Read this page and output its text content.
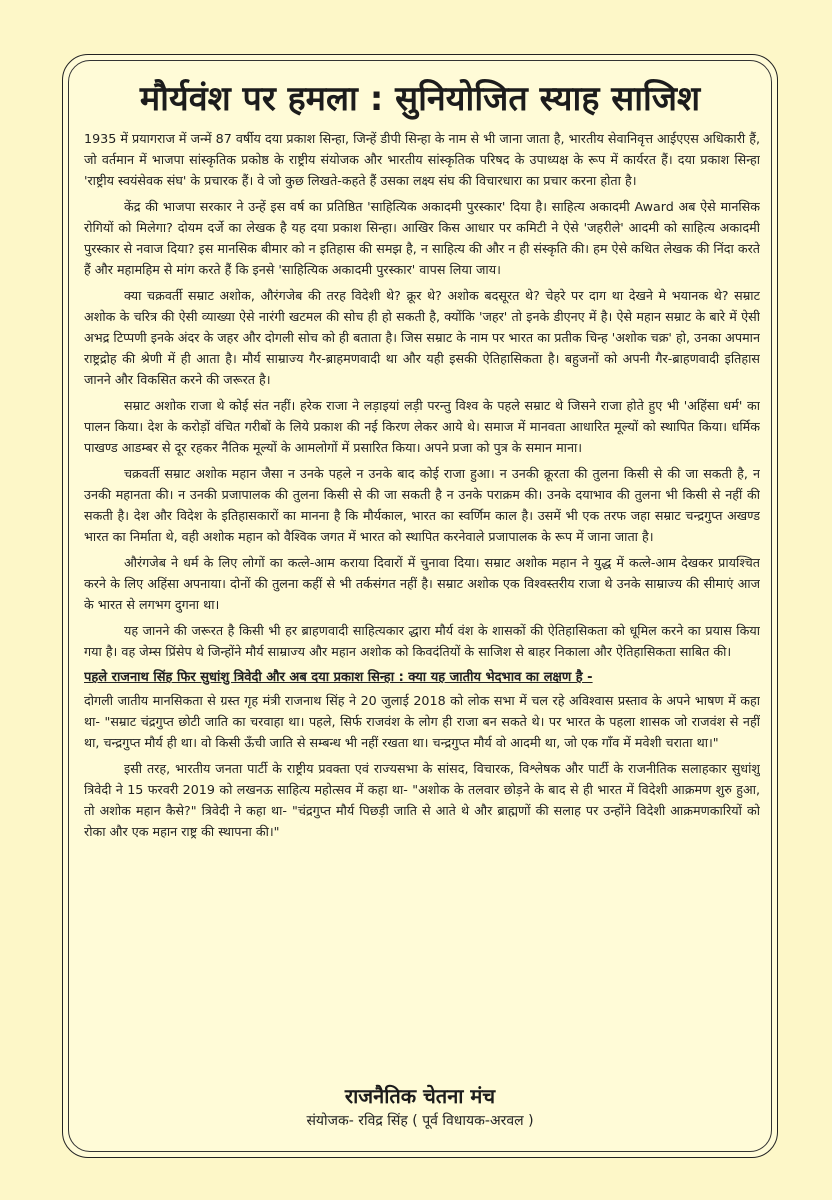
मौर्यवंश पर हमला : सुनियोजित स्याह साजिश

1935 में प्रयागराज में जन्में 87 वर्षीय दया प्रकाश सिन्हा, जिन्हें डीपी सिन्हा के नाम से भी जाना जाता है, भारतीय सेवानिवृत्त आईएएस अधिकारी हैं, जो वर्तमान में भाजपा सांस्कृतिक प्रकोष्ठ के राष्ट्रीय संयोजक और भारतीय सांस्कृतिक परिषद के उपाध्यक्ष के रूप में कार्यरत हैं। दया प्रकाश सिन्हा 'राष्ट्रीय स्वयंसेवक संघ' के प्रचारक हैं। वे जो कुछ लिखते-कहते हैं उसका लक्ष्य संघ की विचारधारा का प्रचार करना होता है।

केंद्र की भाजपा सरकार ने उन्हें इस वर्ष का प्रतिष्ठित 'साहित्यिक अकादमी पुरस्कार' दिया है। साहित्य अकादमी Award अब ऐसे मानसिक रोगियों को मिलेगा? दोयम दर्जे का लेखक है यह दया प्रकाश सिन्हा। आखिर किस आधार पर कमिटी ने ऐसे 'जहरीले' आदमी को साहित्य अकादमी पुरस्कार से नवाज दिया? इस मानसिक बीमार को न इतिहास की समझ है, न साहित्य की और न ही संस्कृति की। हम ऐसे कथित लेखक की निंदा करते हैं और महामहिम से मांग करते हैं कि इनसे 'साहित्यिक अकादमी पुरस्कार' वापस लिया जाय।

क्या चक्रवर्ती सम्राट अशोक, औरंगजेब की तरह विदेशी थे? क्रूर थे? अशोक बदसूरत थे? चेहरे पर दाग था देखने मे भयानक थे? सम्राट अशोक के चरित्र की ऐसी व्याख्या ऐसे नारंगी खटमल की सोच ही हो सकती है, क्योंकि 'जहर' तो इनके डीएनए में है। ऐसे महान सम्राट के बारे में ऐसी अभद्र टिप्पणी इनके अंदर के जहर और दोगली सोच को ही बताता है। जिस सम्राट के नाम पर भारत का प्रतीक चिन्ह 'अशोक चक्र' हो, उनका अपमान राष्ट्रद्रोह की श्रेणी में ही आता है। मौर्य साम्राज्य गैर-ब्राहमणवादी था और यही इसकी ऐतिहासिकता है। बहुजनों को अपनी गैर-ब्राहणवादी इतिहास जानने और विकसित करने की जरूरत है।

सम्राट अशोक राजा थे कोई संत नहीं। हरेक राजा ने लड़ाइयां लड़ी परन्तु विश्व के पहले सम्राट थे जिसने राजा होते हुए भी 'अहिंसा धर्म' का पालन किया। देश के करोड़ों वंचित गरीबों के लिये प्रकाश की नई किरण लेकर आये थे। समाज में मानवता आधारित मूल्यों को स्थापित किया। धर्मिक पाखण्ड आडम्बर से दूर रहकर नैतिक मूल्यों के आमलोगों में प्रसारित किया। अपने प्रजा को पुत्र के समान माना।

चक्रवर्ती सम्राट अशोक महान जैसा न उनके पहले न उनके बाद कोई राजा हुआ। न उनकी क्रूरता की तुलना किसी से की जा सकती है, न उनकी महानता की। न उनकी प्रजापालक की तुलना किसी से की जा सकती है न उनके पराक्रम की। उनके दयाभाव की तुलना भी किसी से नहीं की सकती है। देश और विदेश के इतिहासकारों का मानना है कि मौर्यकाल, भारत का स्वर्णिम काल है। उसमें भी एक तरफ जहा सम्राट चन्द्रगुप्त अखण्ड भारत का निर्माता थे, वही अशोक महान को वैश्विक जगत में भारत को स्थापित करनेवाले प्रजापालक के रूप में जाना जाता है।

औरंगजेब ने धर्म के लिए लोगों का कत्ले-आम कराया दिवारों में चुनावा दिया। सम्राट अशोक महान ने युद्ध में कत्ले-आम देखकर प्रायश्चित करने के लिए अहिंसा अपनाया। दोनों की तुलना कहीं से भी तर्कसंगत नहीं है। सम्राट अशोक एक विश्वस्तरीय राजा थे उनके साम्राज्य की सीमाएं आज के भारत से लगभग दुगना था।

यह जानने की जरूरत है किसी भी हर ब्राहणवादी साहित्यकार द्धारा मौर्य वंश के शासकों की ऐतिहासिकता को धूमिल करने का प्रयास किया गया है। वह जेम्स प्रिंसेप थे जिन्होंने मौर्य साम्राज्य और महान अशोक को किवदंतियों के साजिश से बाहर निकाला और ऐतिहासिकता साबित की।

पहले राजनाथ सिंह फिर सुधांशु त्रिवेदी और अब दया प्रकाश सिन्हा : क्या यह जातीय भेदभाव का लक्षण है -

दोगली जातीय मानसिकता से ग्रस्त गृह मंत्री राजनाथ सिंह ने 20 जुलाई 2018 को लोक सभा में चल रहे अविश्वास प्रस्ताव के अपने भाषण में कहा था- "सम्राट चंद्रगुप्त छोटी जाति का चरवाहा था। पहले, सिर्फ राजवंश के लोग ही राजा बन सकते थे। पर भारत के पहला शासक जो राजवंश से नहीं था, चन्द्रगुप्त मौर्य ही था। वो किसी ऊँची जाति से सम्बन्ध भी नहीं रखता था। चन्द्रगुप्त मौर्य वो आदमी था, जो एक गाँव में मवेशी चराता था।"

इसी तरह, भारतीय जनता पार्टी के राष्ट्रीय प्रवक्ता एवं राज्यसभा के सांसद, विचारक, विश्लेषक और पार्टी के राजनीतिक सलाहकार सुधांशु त्रिवेदी ने 15 फरवरी 2019 को लखनऊ साहित्य महोत्सव में कहा था- "अशोक के तलवार छोड़ने के बाद से ही भारत में विदेशी आक्रमण शुरु हुआ, तो अशोक महान कैसे?" त्रिवेदी ने कहा था- "चंद्रगुप्त मौर्य पिछड़ी जाति से आते थे और ब्राह्मणों की सलाह पर उन्होंने विदेशी आक्रमणकारियों को रोका और एक महान राष्ट्र की स्थापना की।"

राजनैतिक चेतना मंच
संयोजक- रविद्र सिंह ( पूर्व विधायक-अरवल )
